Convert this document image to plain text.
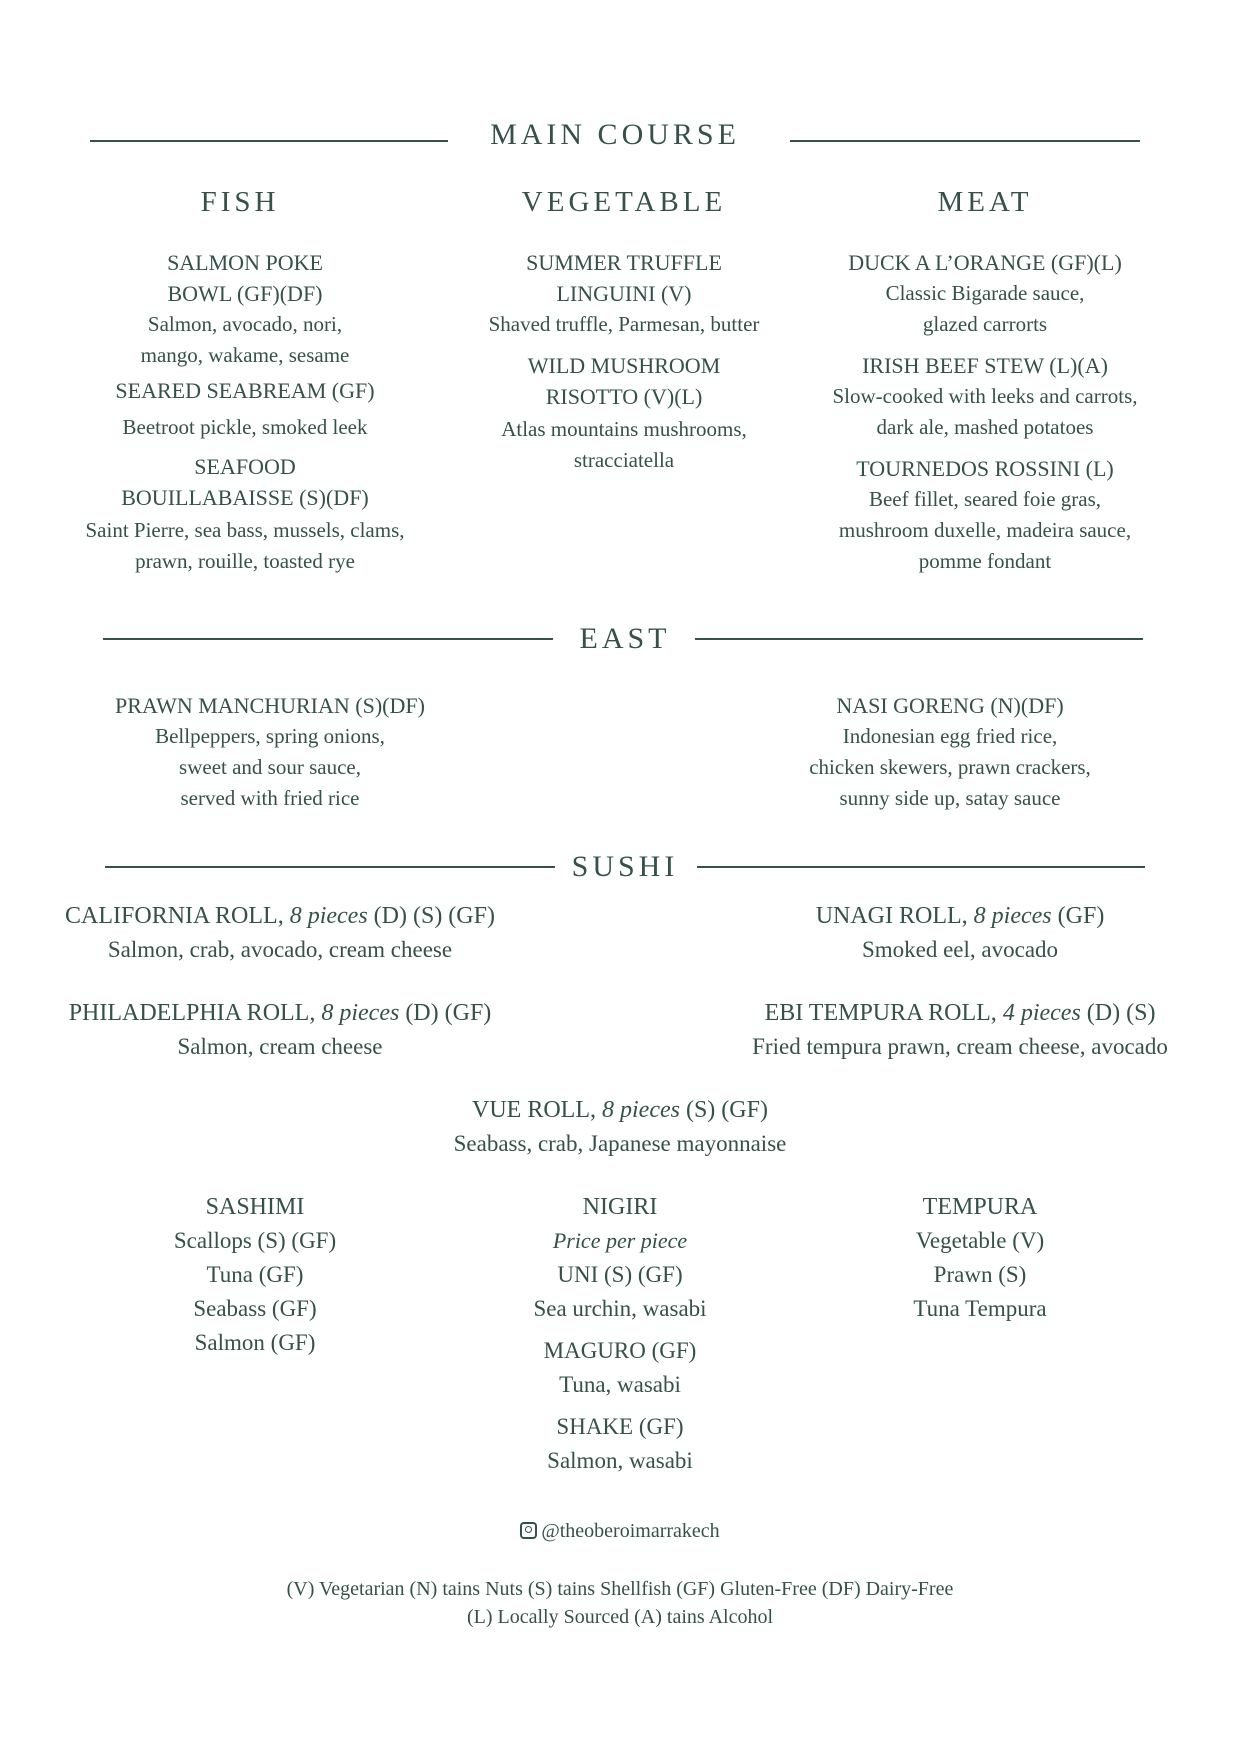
MAIN COURSE
FISH	VEGETABLE	MEAT
SALMON POKE
BOWL (GF)(DF)
Salmon, avocado, nori,
mango, wakame, sesame
SEARED SEABREAM (GF)
Beetroot pickle, smoked leek
SEAFOOD
BOUILLABAISSE (S)(DF)
Saint Pierre, sea bass, mussels, clams,
prawn, rouille, toasted rye
SUMMER TRUFFLE
LINGUINI (V)
Shaved truffle, Parmesan, butter
WILD MUSHROOM
RISOTTO (V)(L)
Atlas mountains mushrooms,
stracciatella
DUCK A L’ORANGE (GF)(L)
Classic Bigarade sauce,
glazed carrorts
IRISH BEEF STEW (L)(A)
Slow-cooked with leeks and carrots,
dark ale, mashed potatoes
TOURNEDOS ROSSINI (L)
Beef fillet, seared foie gras,
mushroom duxelle, madeira sauce,
pomme fondant
EAST
PRAWN MANCHURIAN (S)(DF)
Bellpeppers, spring onions,
sweet and sour sauce,
served with fried rice
NASI GORENG (N)(DF)
Indonesian egg fried rice,
chicken skewers, prawn crackers,
sunny side up, satay sauce
SUSHI
CALIFORNIA ROLL, 8 pieces (D) (S) (GF)
Salmon, crab, avocado, cream cheese
UNAGI ROLL, 8 pieces (GF)
Smoked eel, avocado
PHILADELPHIA ROLL, 8 pieces (D) (GF)
Salmon, cream cheese
EBI TEMPURA ROLL, 4 pieces (D) (S)
Fried tempura prawn, cream cheese, avocado
VUE ROLL, 8 pieces (S) (GF)
Seabass, crab, Japanese mayonnaise
SASHIMI
Scallops (S) (GF)
Tuna (GF)
Seabass (GF)
Salmon (GF)
NIGIRI
Price per piece
UNI (S) (GF)
Sea urchin, wasabi
MAGURO (GF)
Tuna, wasabi
SHAKE (GF)
Salmon, wasabi
TEMPURA
Vegetable (V)
Prawn (S)
Tuna Tempura
@theoberoimarrakech
(V) Vegetarian (N) tains Nuts (S) tains Shellfish (GF) Gluten-Free (DF) Dairy-Free
(L) Locally Sourced (A) tains Alcohol
